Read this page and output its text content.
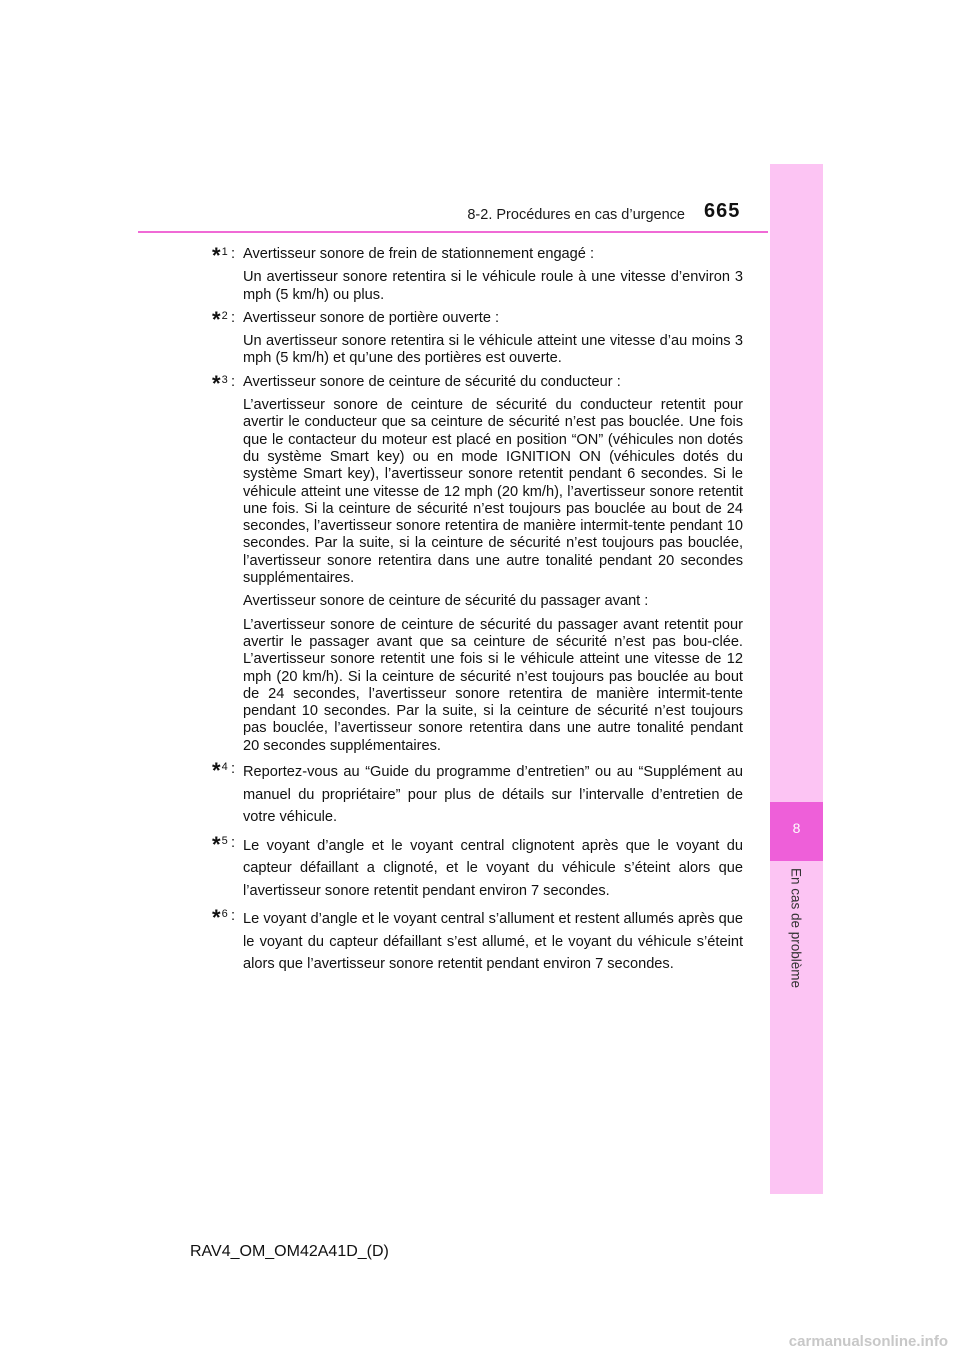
8
En cas de problème
8-2. Procédures en cas d’urgence 665
*$^1$ : Avertisseur sonore de frein de stationnement engagé :

Un avertisseur sonore retentira si le véhicule roule à une vitesse d’environ 3 mph (5 km/h) ou plus.

*$^2$ : Avertisseur sonore de portière ouverte :

Un avertisseur sonore retentira si le véhicule atteint une vitesse d’au moins 3 mph (5 km/h) et qu’une des portières est ouverte.

*$^3$ : Avertisseur sonore de ceinture de sécurité du conducteur :

L’avertisseur sonore de ceinture de sécurité du conducteur retentit pour avertir le conducteur que sa ceinture de sécurité n’est pas bouclée. Une fois que le contacteur du moteur est placé en position “ON” (véhicules non dotés du système Smart key) ou en mode IGNITION ON (véhicules dotés du système Smart key), l’avertisseur sonore retentit pendant 6 secondes. Si le véhicule atteint une vitesse de 12 mph (20 km/h), l’avertisseur sonore retentit une fois. Si la ceinture de sécurité n’est toujours pas bouclée au bout de 24 secondes, l’avertisseur sonore retentira de manière intermit-tente pendant 10 secondes. Par la suite, si la ceinture de sécurité n’est toujours pas bouclée, l’avertisseur sonore retentira dans une autre tonalité pendant 20 secondes supplémentaires.

Avertisseur sonore de ceinture de sécurité du passager avant :

L’avertisseur sonore de ceinture de sécurité du passager avant retentit pour avertir le passager avant que sa ceinture de sécurité n’est pas bou-clée. L’avertisseur sonore retentit une fois si le véhicule atteint une vitesse de 12 mph (20 km/h). Si la ceinture de sécurité n’est toujours pas bouclée au bout de 24 secondes, l’avertisseur sonore retentira de manière intermit-tente pendant 10 secondes. Par la suite, si la ceinture de sécurité n’est toujours pas bouclée, l’avertisseur sonore retentira dans une autre tonalité pendant 20 secondes supplémentaires.

*$^4$ : Reportez-vous au “Guide du programme d’entretien” ou au “Supplément au manuel du propriétaire” pour plus de détails sur l’intervalle d’entretien de votre véhicule.
*$^5$ : Le voyant d’angle et le voyant central clignotent après que le voyant du capteur défaillant a clignoté, et le voyant du véhicule s’éteint alors que l’avertisseur sonore retentit pendant environ 7 secondes.
*$^6$ : Le voyant d’angle et le voyant central s’allument et restent allumés après que le voyant du capteur défaillant s’est allumé, et le voyant du véhicule s’éteint alors que l’avertisseur sonore retentit pendant environ 7 secondes.
RAV4_OM_OM42A41D_(D)
carmanualsonline.info
